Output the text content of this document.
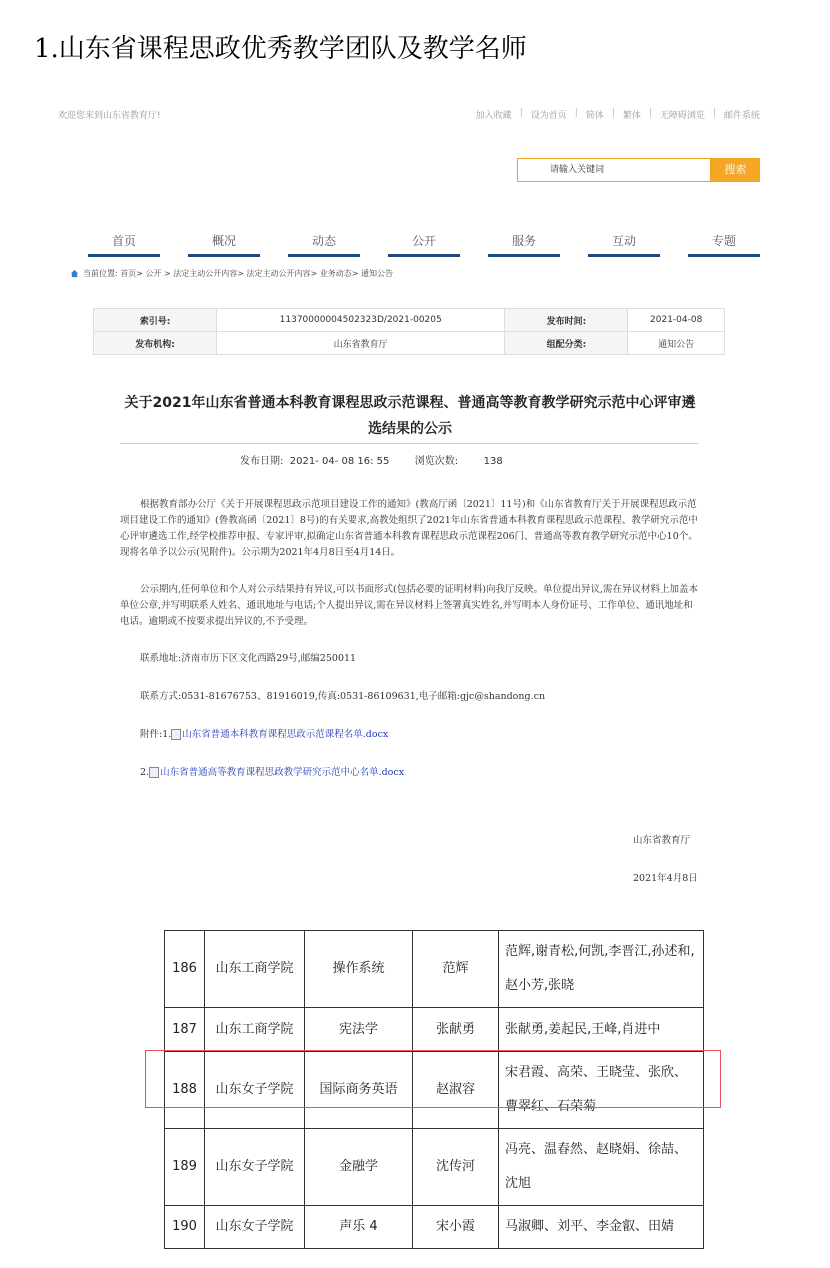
1.山东省课程思政优秀教学团队及教学名师
欢迎您来到山东省教育厅!	加入收藏 | 设为首页 | 简体 | 繁体 | 无障碍浏览 | 邮件系统
请输入关键词	搜索
首页	概况	动态	公开	服务	互动	专题
当前位置: 首页> 公开 > 法定主动公开内容> 法定主动公开内容> 业务动态> 通知公告
索引号:	11370000004502323D/2021-00205	发布时间:	2021-04-08
发布机构:	山东省教育厅	组配分类:	通知公告
关于2021年山东省普通本科教育课程思政示范课程、普通高等教育教学研究示范中心评审遴选结果的公示
发布日期:  2021- 04- 08 16: 55        浏览次数:        138
根据教育部办公厅《关于开展课程思政示范项目建设工作的通知》(教高厅函〔2021〕11号)和《山东省教育厅关于开展课程思政示范项目建设工作的通知》(鲁教高函〔2021〕8号)的有关要求,高教处组织了2021年山东省普通本科教育课程思政示范课程、教学研究示范中心评审遴选工作,经学校推荐申报、专家评审,拟确定山东省普通本科教育课程思政示范课程206门、普通高等教育教学研究示范中心10个。现将名单予以公示(见附件)。公示期为2021年4月8日至4月14日。
公示期内,任何单位和个人对公示结果持有异议,可以书面形式(包括必要的证明材料)向我厅反映。单位提出异议,需在异议材料上加盖本单位公章,并写明联系人姓名、通讯地址与电话;个人提出异议,需在异议材料上签署真实姓名,并写明本人身份证号、工作单位、通讯地址和电话。逾期或不按要求提出异议的,不予受理。
联系地址:济南市历下区文化西路29号,邮编250011
联系方式:0531-81676753、81916019,传真:0531-86109631,电子邮箱:gjc@shandong.cn
附件:1. 山东省普通本科教育课程思政示范课程名单.docx
2. 山东省普通高等教育课程思政教学研究示范中心名单.docx
山东省教育厅
2021年4月8日
186	山东工商学院	操作系统	范辉	范辉,谢青松,何凯,李晋江,孙述和,赵小芳,张晓
187	山东工商学院	宪法学	张献勇	张献勇,姜起民,王峰,肖进中
188	山东女子学院	国际商务英语	赵淑容	宋君霞、高荣、王晓莹、张欣、曹翠红、石荣菊
189	山东女子学院	金融学	沈传河	冯亮、温春然、赵晓娟、徐喆、沈旭
190	山东女子学院	声乐 4	宋小霞	马淑卿、刘平、李金叡、田婧
